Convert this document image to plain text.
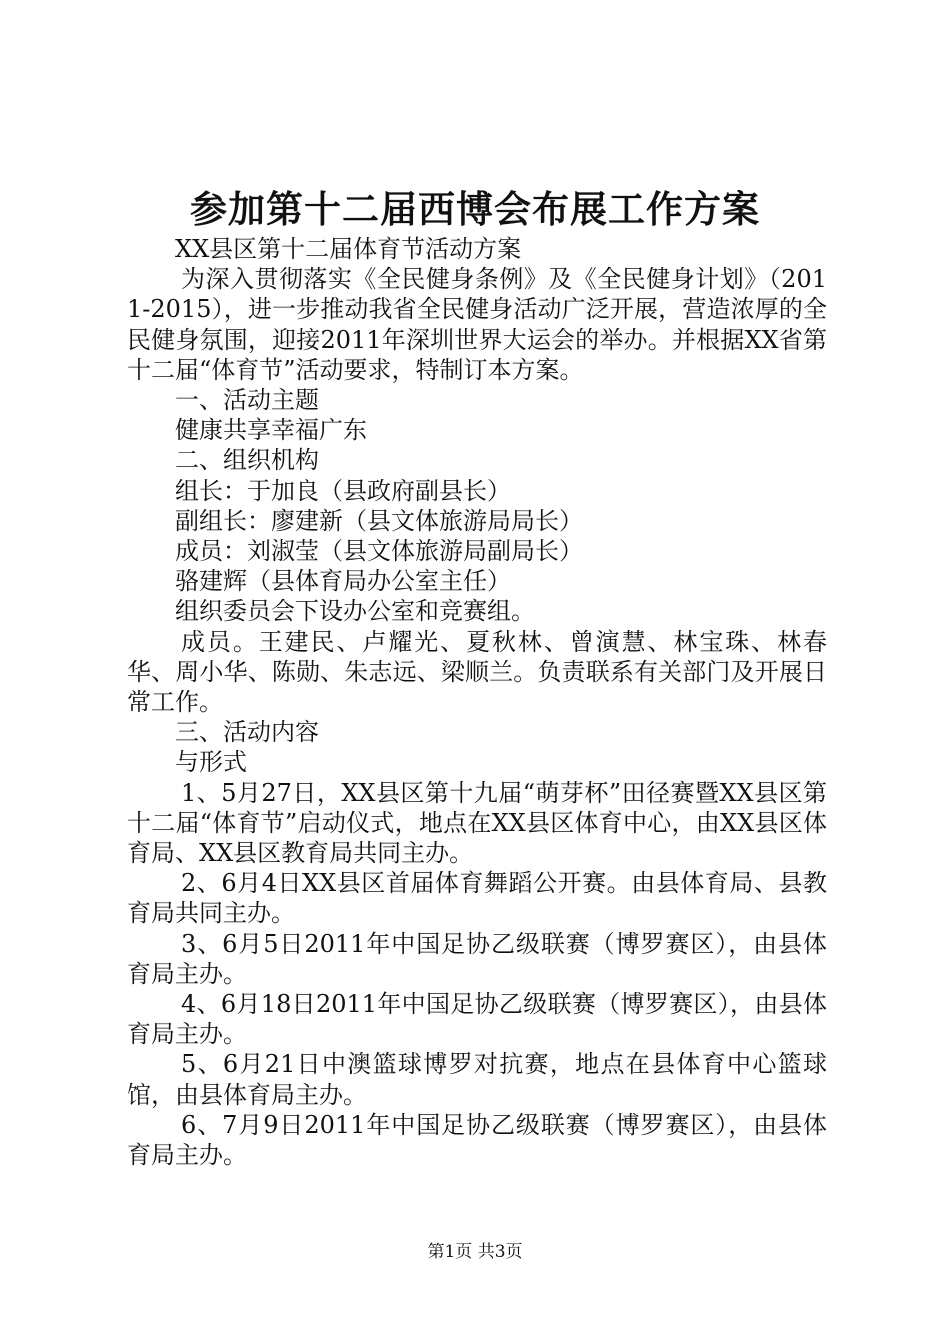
参加第十二届西博会布展工作方案

XX县区第十二届体育节活动方案

为深入贯彻落实《全民健身条例》及《全民健身计划》（2011-2015），进一步推动我省全民健身活动广泛开展，营造浓厚的全民健身氛围，迎接2011年深圳世界大运会的举办。并根据XX省第十二届“体育节”活动要求，特制订本方案。

一、活动主题

健康共享幸福广东

二、组织机构

组长：于加良（县政府副县长）

副组长：廖建新（县文体旅游局局长）

成员：刘淑莹（县文体旅游局副局长）

骆建辉（县体育局办公室主任）

组织委员会下设办公室和竞赛组。

成员。王建民、卢耀光、夏秋林、曾演慧、林宝珠、林春华、周小华、陈勋、朱志远、梁顺兰。负责联系有关部门及开展日常工作。

三、活动内容

与形式

1、5月27日，XX县区第十九届“萌芽杯”田径赛暨XX县区第十二届“体育节”启动仪式，地点在XX县区体育中心，由XX县区体育局、XX县区教育局共同主办。

2、6月4日XX县区首届体育舞蹈公开赛。由县体育局、县教育局共同主办。

3、6月5日2011年中国足协乙级联赛（博罗赛区），由县体育局主办。

4、6月18日2011年中国足协乙级联赛（博罗赛区），由县体育局主办。

5、6月21日中澳篮球博罗对抗赛，地点在县体育中心篮球馆，由县体育局主办。

6、7月9日2011年中国足协乙级联赛（博罗赛区），由县体育局主办。

第1页 共3页
